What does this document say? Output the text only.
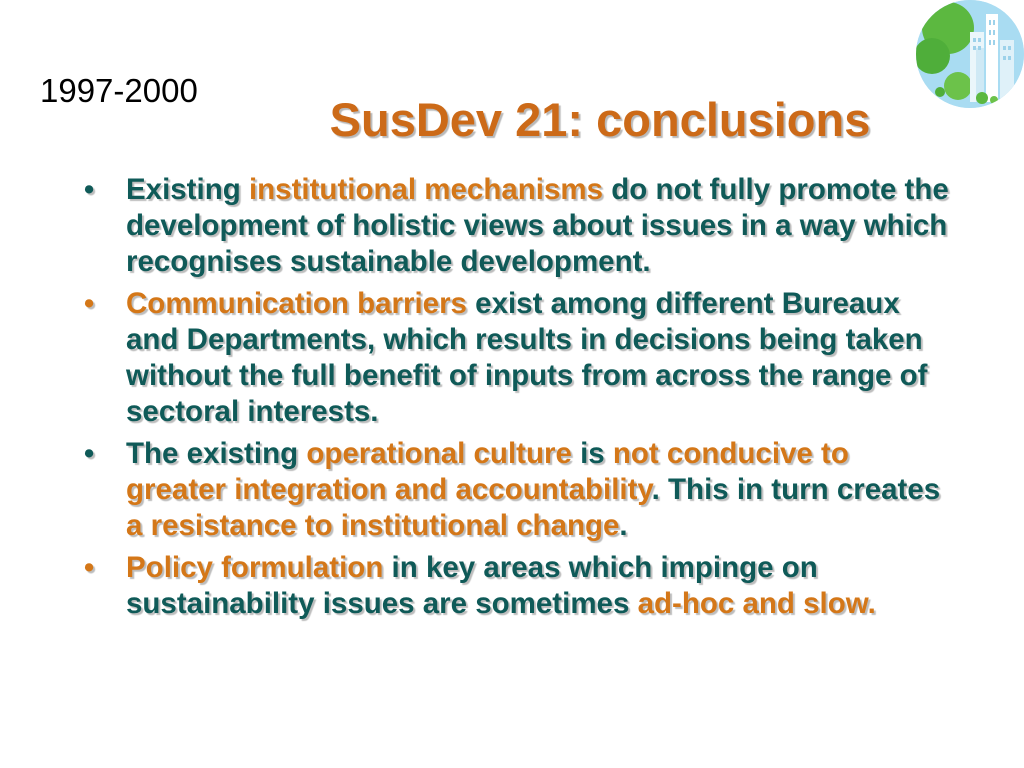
1997-2000
SusDev 21: conclusions
•	Existing institutional mechanisms do not fully promote the development of holistic views about issues in a way which recognises sustainable development.
•	Communication barriers exist among different Bureaux and Departments, which results in decisions being taken without the full benefit of inputs from across the range of sectoral interests.
•	The existing operational culture is not conducive to greater integration and accountability. This in turn creates a resistance to institutional change.
•	Policy formulation in key areas which impinge on sustainability issues are sometimes ad-hoc and slow.
